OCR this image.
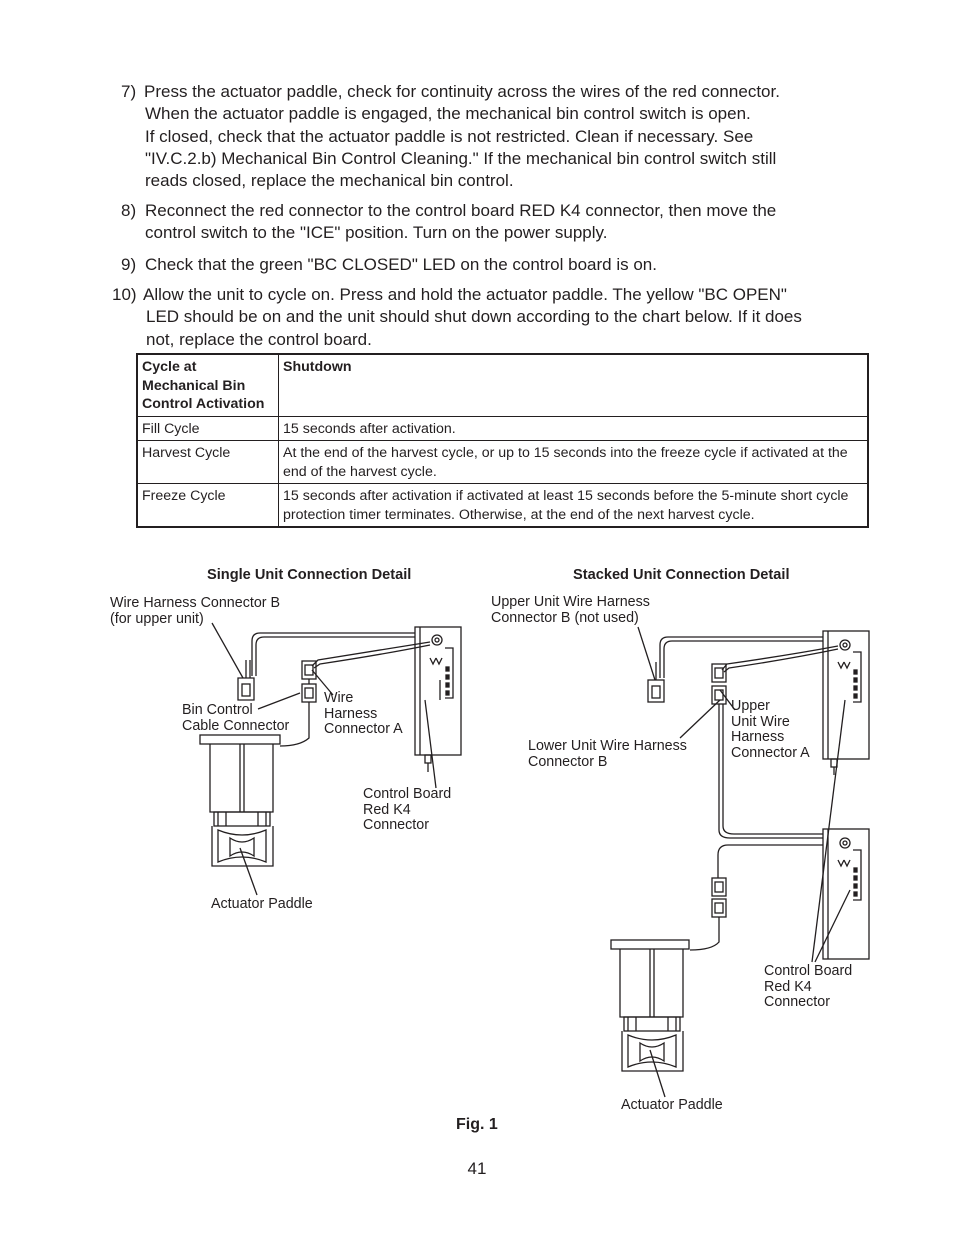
7) Press the actuator paddle, check for continuity across the wires of the red connector.
When the actuator paddle is engaged, the mechanical bin control switch is open.
If closed, check that the actuator paddle is not restricted. Clean if necessary. See
"IV.C.2.b) Mechanical Bin Control Cleaning." If the mechanical bin control switch still
reads closed, replace the mechanical bin control.
8) Reconnect the red connector to the control board RED K4 connector, then move the
control switch to the "ICE" position. Turn on the power supply.
9) Check that the green "BC CLOSED" LED on the control board is on.
10) Allow the unit to cycle on. Press and hold the actuator paddle. The yellow "BC OPEN"
LED should be on and the unit should shut down according to the chart below. If it does
not, replace the control board.
Cycle at Mechanical Bin Control Activation	Shutdown
Fill Cycle	15 seconds after activation.
Harvest Cycle	At the end of the harvest cycle, or up to 15 seconds into the freeze cycle if activated at the end of the harvest cycle.
Freeze Cycle	15 seconds after activation if activated at least 15 seconds before the 5-minute short cycle protection timer terminates. Otherwise, at the end of the next harvest cycle.
Single Unit Connection Detail	Stacked Unit Connection Detail
Wire Harness Connector B
(for upper unit)
Bin Control
Cable Connector
Wire
Harness
Connector A
Control Board
Red K4
Connector
Actuator Paddle
Upper Unit Wire Harness
Connector B (not used)
Upper
Unit Wire
Harness
Connector A
Lower Unit Wire Harness
Connector B
Control Board
Red K4
Connector
Actuator Paddle
Fig. 1
41
